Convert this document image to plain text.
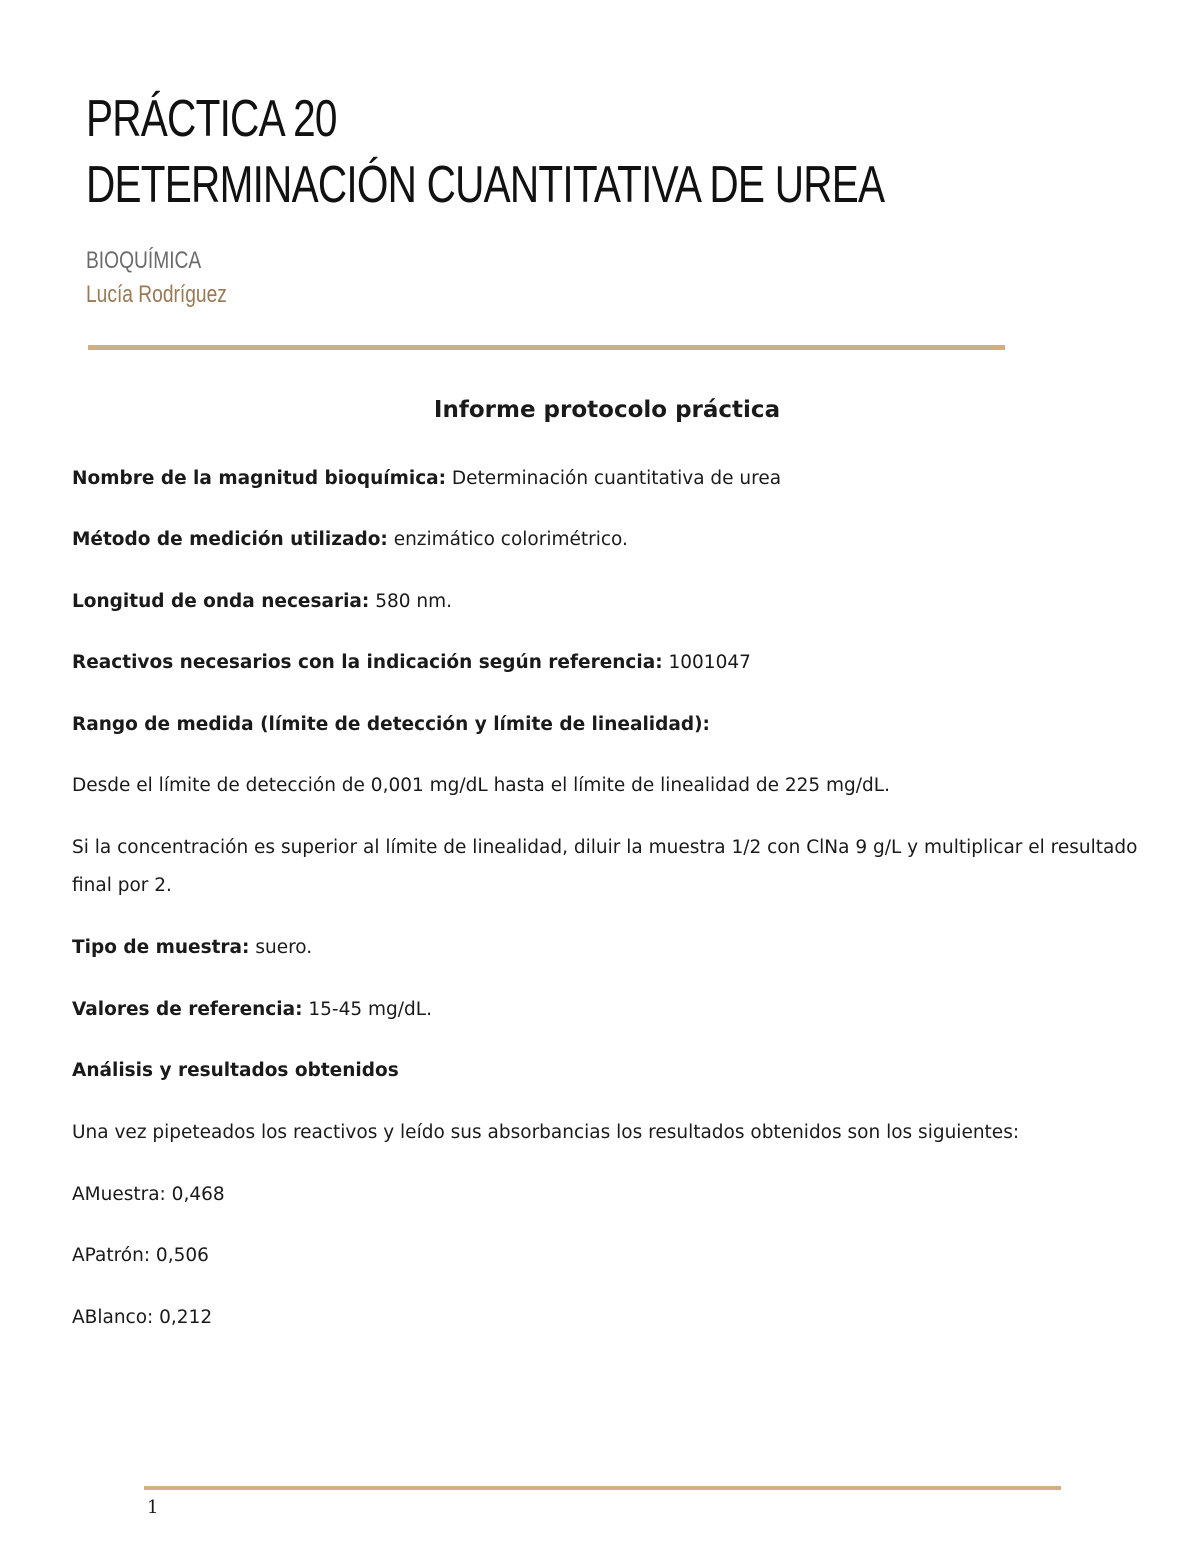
PRÁCTICA 20
DETERMINACIÓN CUANTITATIVA DE UREA
BIOQUÍMICA
Lucía Rodríguez
Informe protocolo práctica
Nombre de la magnitud bioquímica: Determinación cuantitativa de urea
Método de medición utilizado: enzimático colorimétrico.
Longitud de onda necesaria: 580 nm.
Reactivos necesarios con la indicación según referencia: 1001047
Rango de medida (límite de detección y límite de linealidad):
Desde el límite de detección de 0,001 mg/dL hasta el límite de linealidad de 225 mg/dL.
Si la concentración es superior al límite de linealidad, diluir la muestra 1/2 con ClNa 9 g/L y multiplicar el resultado final por 2.
Tipo de muestra: suero.
Valores de referencia: 15-45 mg/dL.
Análisis y resultados obtenidos
Una vez pipeteados los reactivos y leído sus absorbancias los resultados obtenidos son los siguientes:
AMuestra: 0,468
APatrón: 0,506
ABlanco: 0,212
1
